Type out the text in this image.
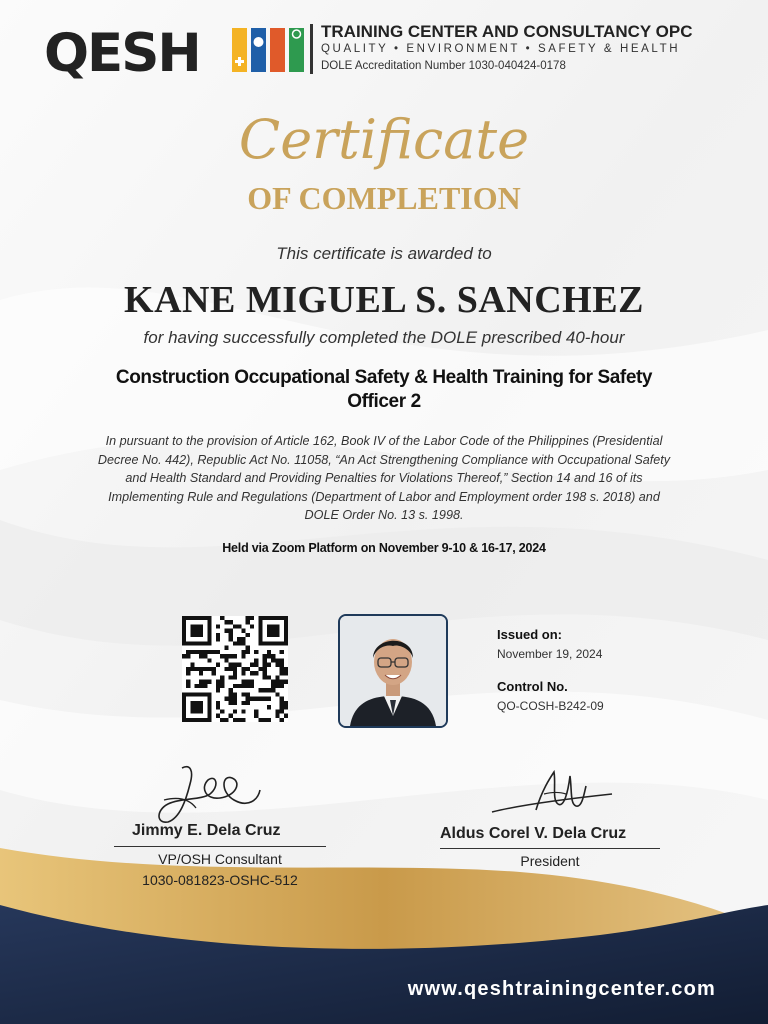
QESH	TRAINING CENTER AND CONSULTANCY OPC
QUALITY • ENVIRONMENT • SAFETY & HEALTH
DOLE Accreditation Number 1030-040424-0178
Certificate
OF COMPLETION
This certificate is awarded to
KANE MIGUEL S. SANCHEZ
for having successfully completed the DOLE prescribed 40-hour
Construction Occupational Safety & Health Training for Safety Officer 2
In pursuant to the provision of Article 162, Book IV of the Labor Code of the Philippines (Presidential Decree No. 442), Republic Act No. 11058, “An Act Strengthening Compliance with Occupational Safety and Health Standard and Providing Penalties for Violations Thereof,” Section 14 and 16 of its Implementing Rule and Regulations (Department of Labor and Employment order 198 s. 2018) and DOLE Order No. 13 s. 1998.
Held via Zoom Platform on November 9-10 & 16-17, 2024
Issued on:
November 19, 2024
Control No.
QO-COSH-B242-09
Jimmy E. Dela Cruz
VP/OSH Consultant
1030-081823-OSHC-512
Aldus Corel V. Dela Cruz
President
www.qeshtrainingcenter.com
